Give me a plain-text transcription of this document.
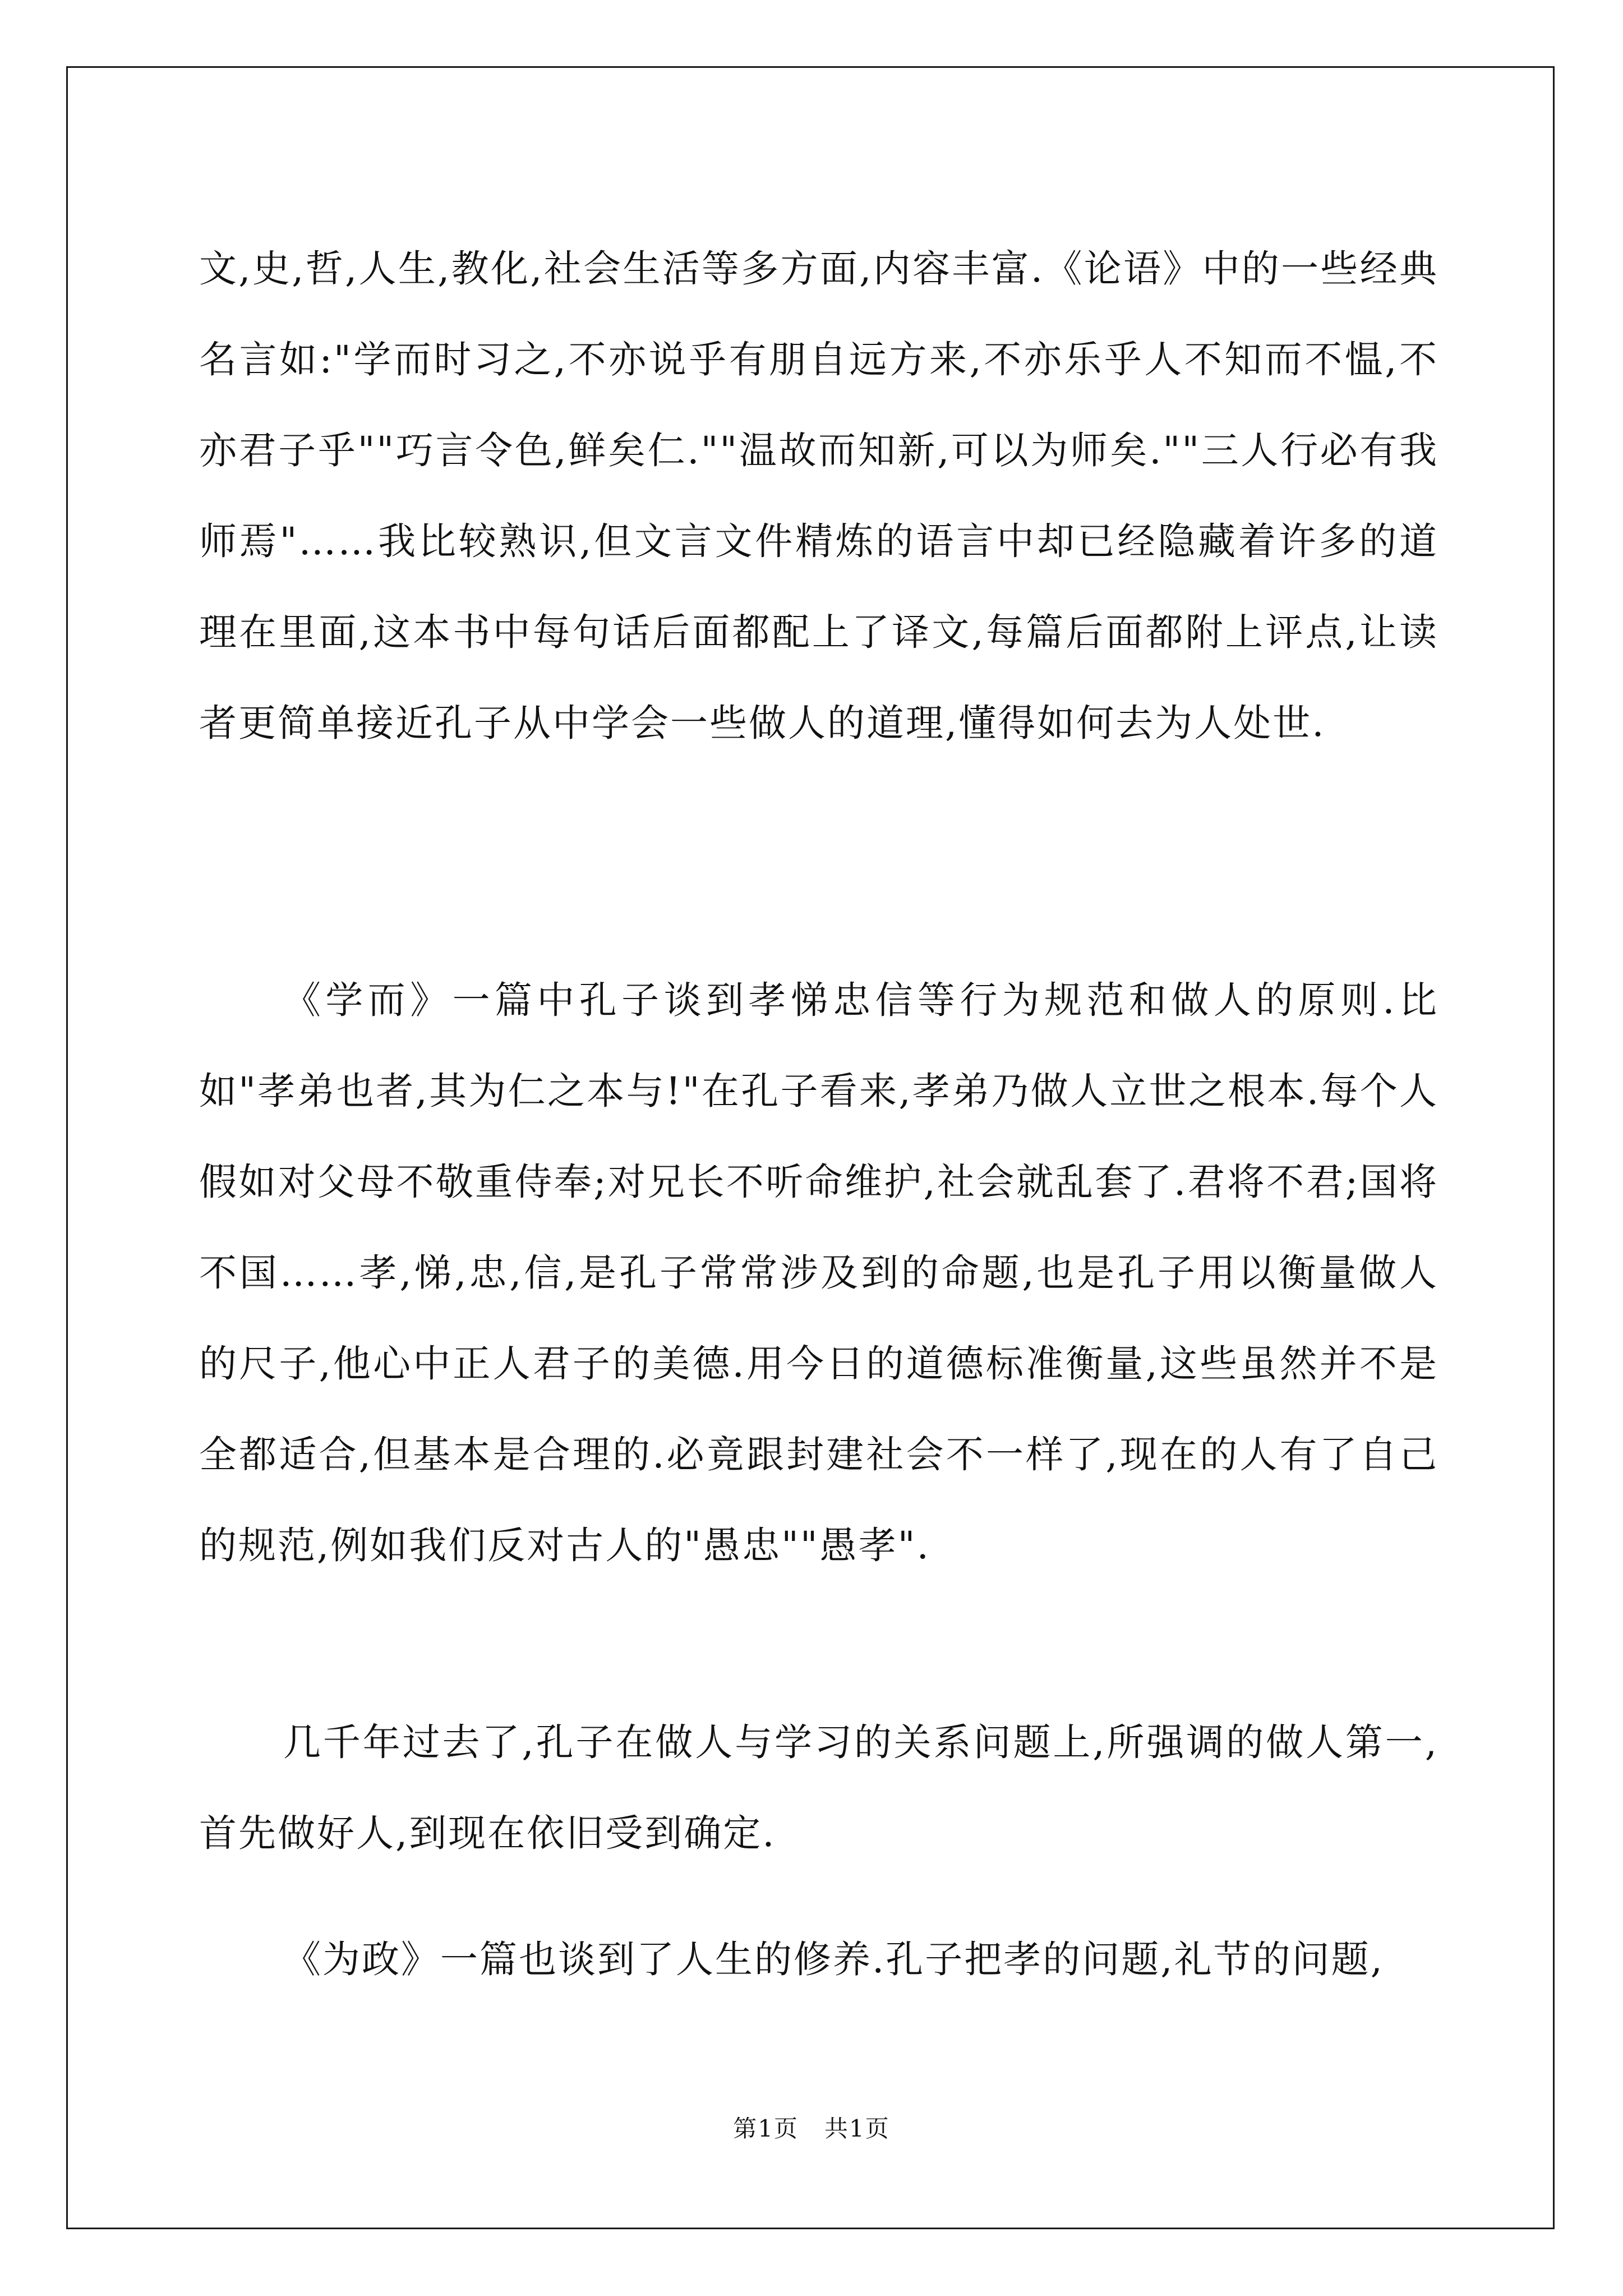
文,史,哲,人生,教化,社会生活等多方面,内容丰富.《论语》中的一些经典名言如:"学而时习之,不亦说乎有朋自远方来,不亦乐乎人不知而不愠,不亦君子乎""巧言令色,鲜矣仁.""温故而知新,可以为师矣.""三人行必有我师焉"……我比较熟识,但文言文件精炼的语言中却已经隐藏着许多的道理在里面,这本书中每句话后面都配上了译文,每篇后面都附上评点,让读者更简单接近孔子从中学会一些做人的道理,懂得如何去为人处世.

《学而》一篇中孔子谈到孝悌忠信等行为规范和做人的原则.比如"孝弟也者,其为仁之本与!"在孔子看来,孝弟乃做人立世之根本.每个人假如对父母不敬重侍奉;对兄长不听命维护,社会就乱套了.君将不君;国将不国……孝,悌,忠,信,是孔子常常涉及到的命题,也是孔子用以衡量做人的尺子,他心中正人君子的美德.用今日的道德标准衡量,这些虽然并不是全都适合,但基本是合理的.必竟跟封建社会不一样了,现在的人有了自己的规范,例如我们反对古人的"愚忠""愚孝".

几千年过去了,孔子在做人与学习的关系问题上,所强调的做人第一,首先做好人,到现在依旧受到确定.

《为政》一篇也谈到了人生的修养.孔子把孝的问题,礼节的问题,

第1页   共1页
